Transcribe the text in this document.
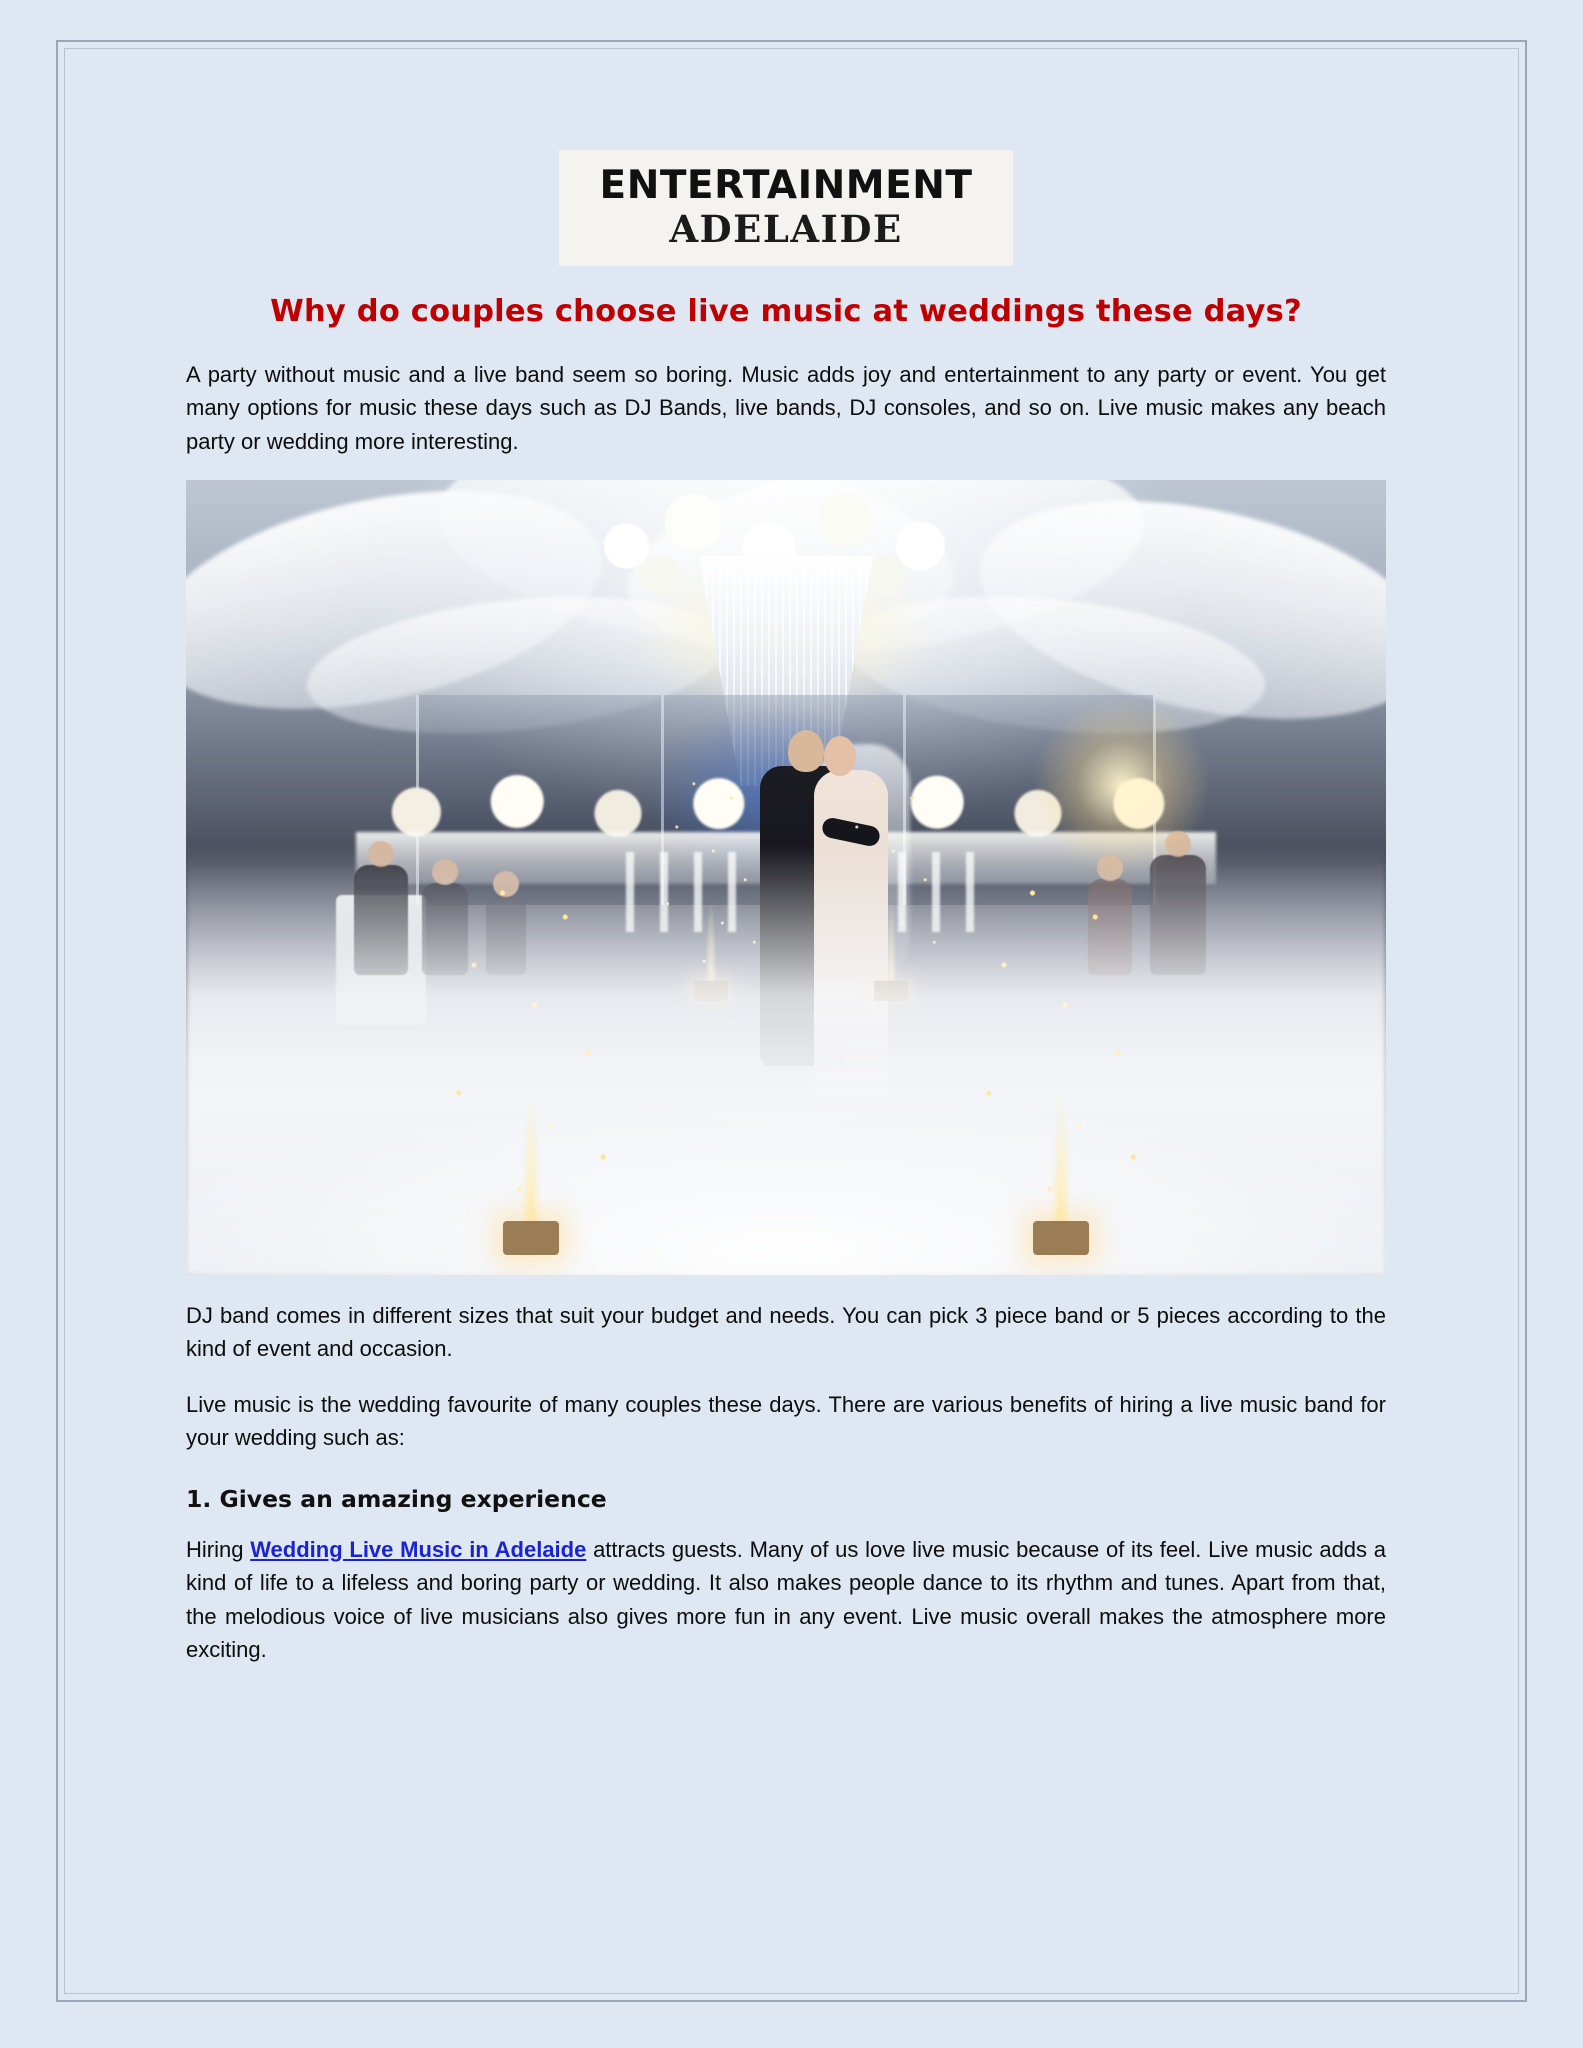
ENTERTAINMENT
ADELAIDE
Why do couples choose live music at weddings these days?

A party without music and a live band seem so boring. Music adds joy and entertainment to any party or event. You get many options for music these days such as DJ Bands, live bands, DJ consoles, and so on. Live music makes any beach party or wedding more interesting.

DJ band comes in different sizes that suit your budget and needs. You can pick 3 piece band or 5 pieces according to the kind of event and occasion.

Live music is the wedding favourite of many couples these days. There are various benefits of hiring a live music band for your wedding such as:

1. Gives an amazing experience

Hiring Wedding Live Music in Adelaide attracts guests. Many of us love live music because of its feel. Live music adds a kind of life to a lifeless and boring party or wedding. It also makes people dance to its rhythm and tunes. Apart from that, the melodious voice of live musicians also gives more fun in any event. Live music overall makes the atmosphere more exciting.
